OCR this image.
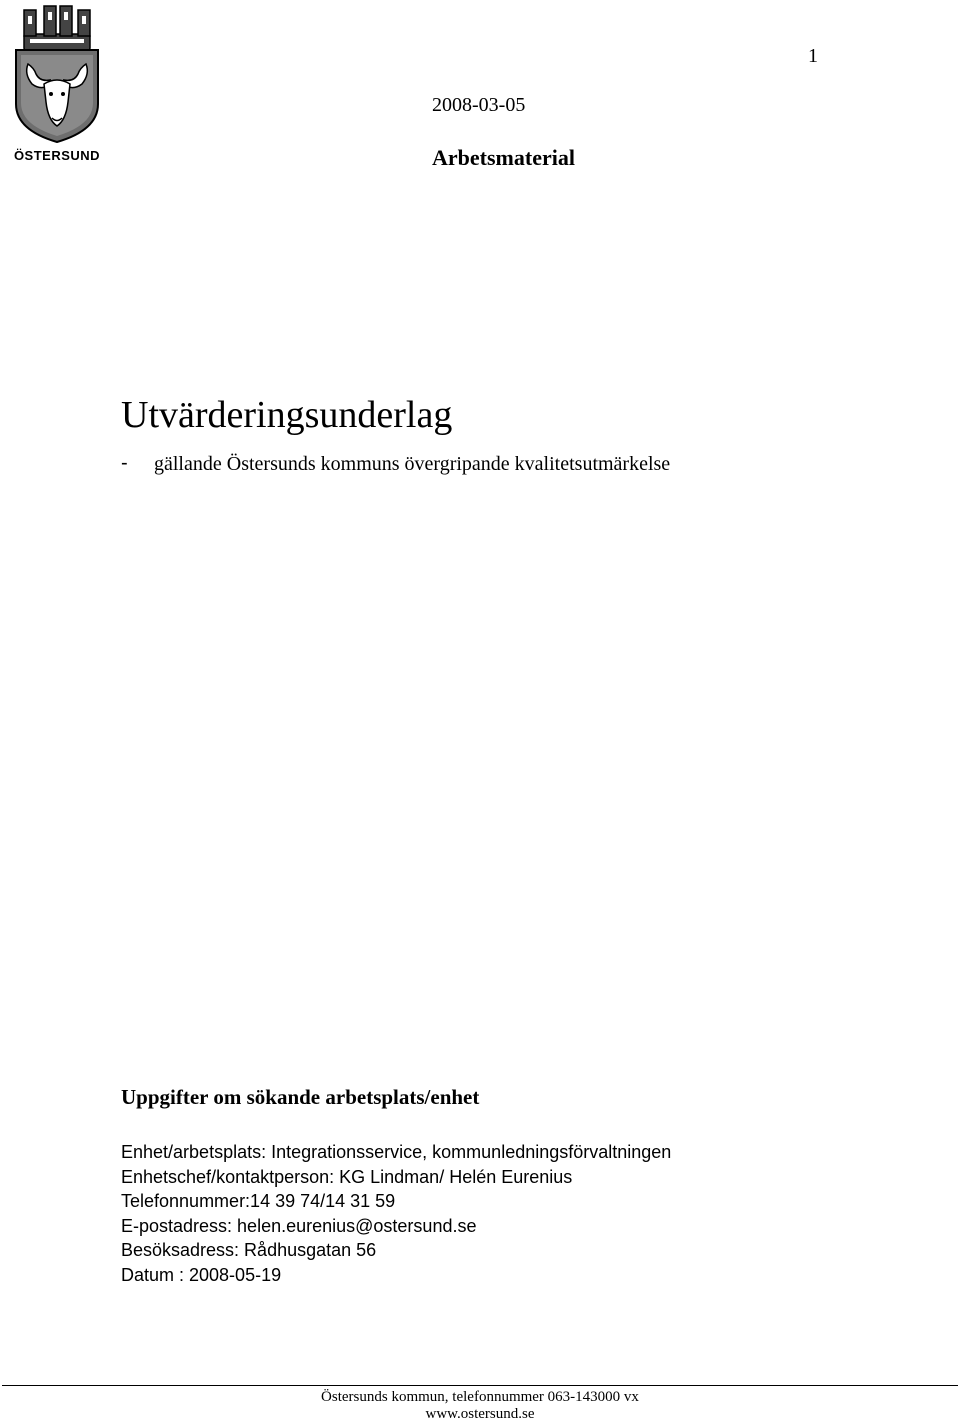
ÖSTERSUND
1
2008-03-05
Arbetsmaterial
Utvärderingsunderlag
- gällande Östersunds kommuns övergripande kvalitetsutmärkelse
Uppgifter om sökande arbetsplats/enhet
Enhet/arbetsplats: Integrationsservice, kommunledningsförvaltningen
Enhetschef/kontaktperson: KG Lindman/ Helén Eurenius
Telefonnummer:14 39 74/14 31 59
E-postadress: helen.eurenius@ostersund.se
Besöksadress: Rådhusgatan 56
Datum : 2008-05-19
Östersunds kommun, telefonnummer 063-143000 vx
www.ostersund.se
